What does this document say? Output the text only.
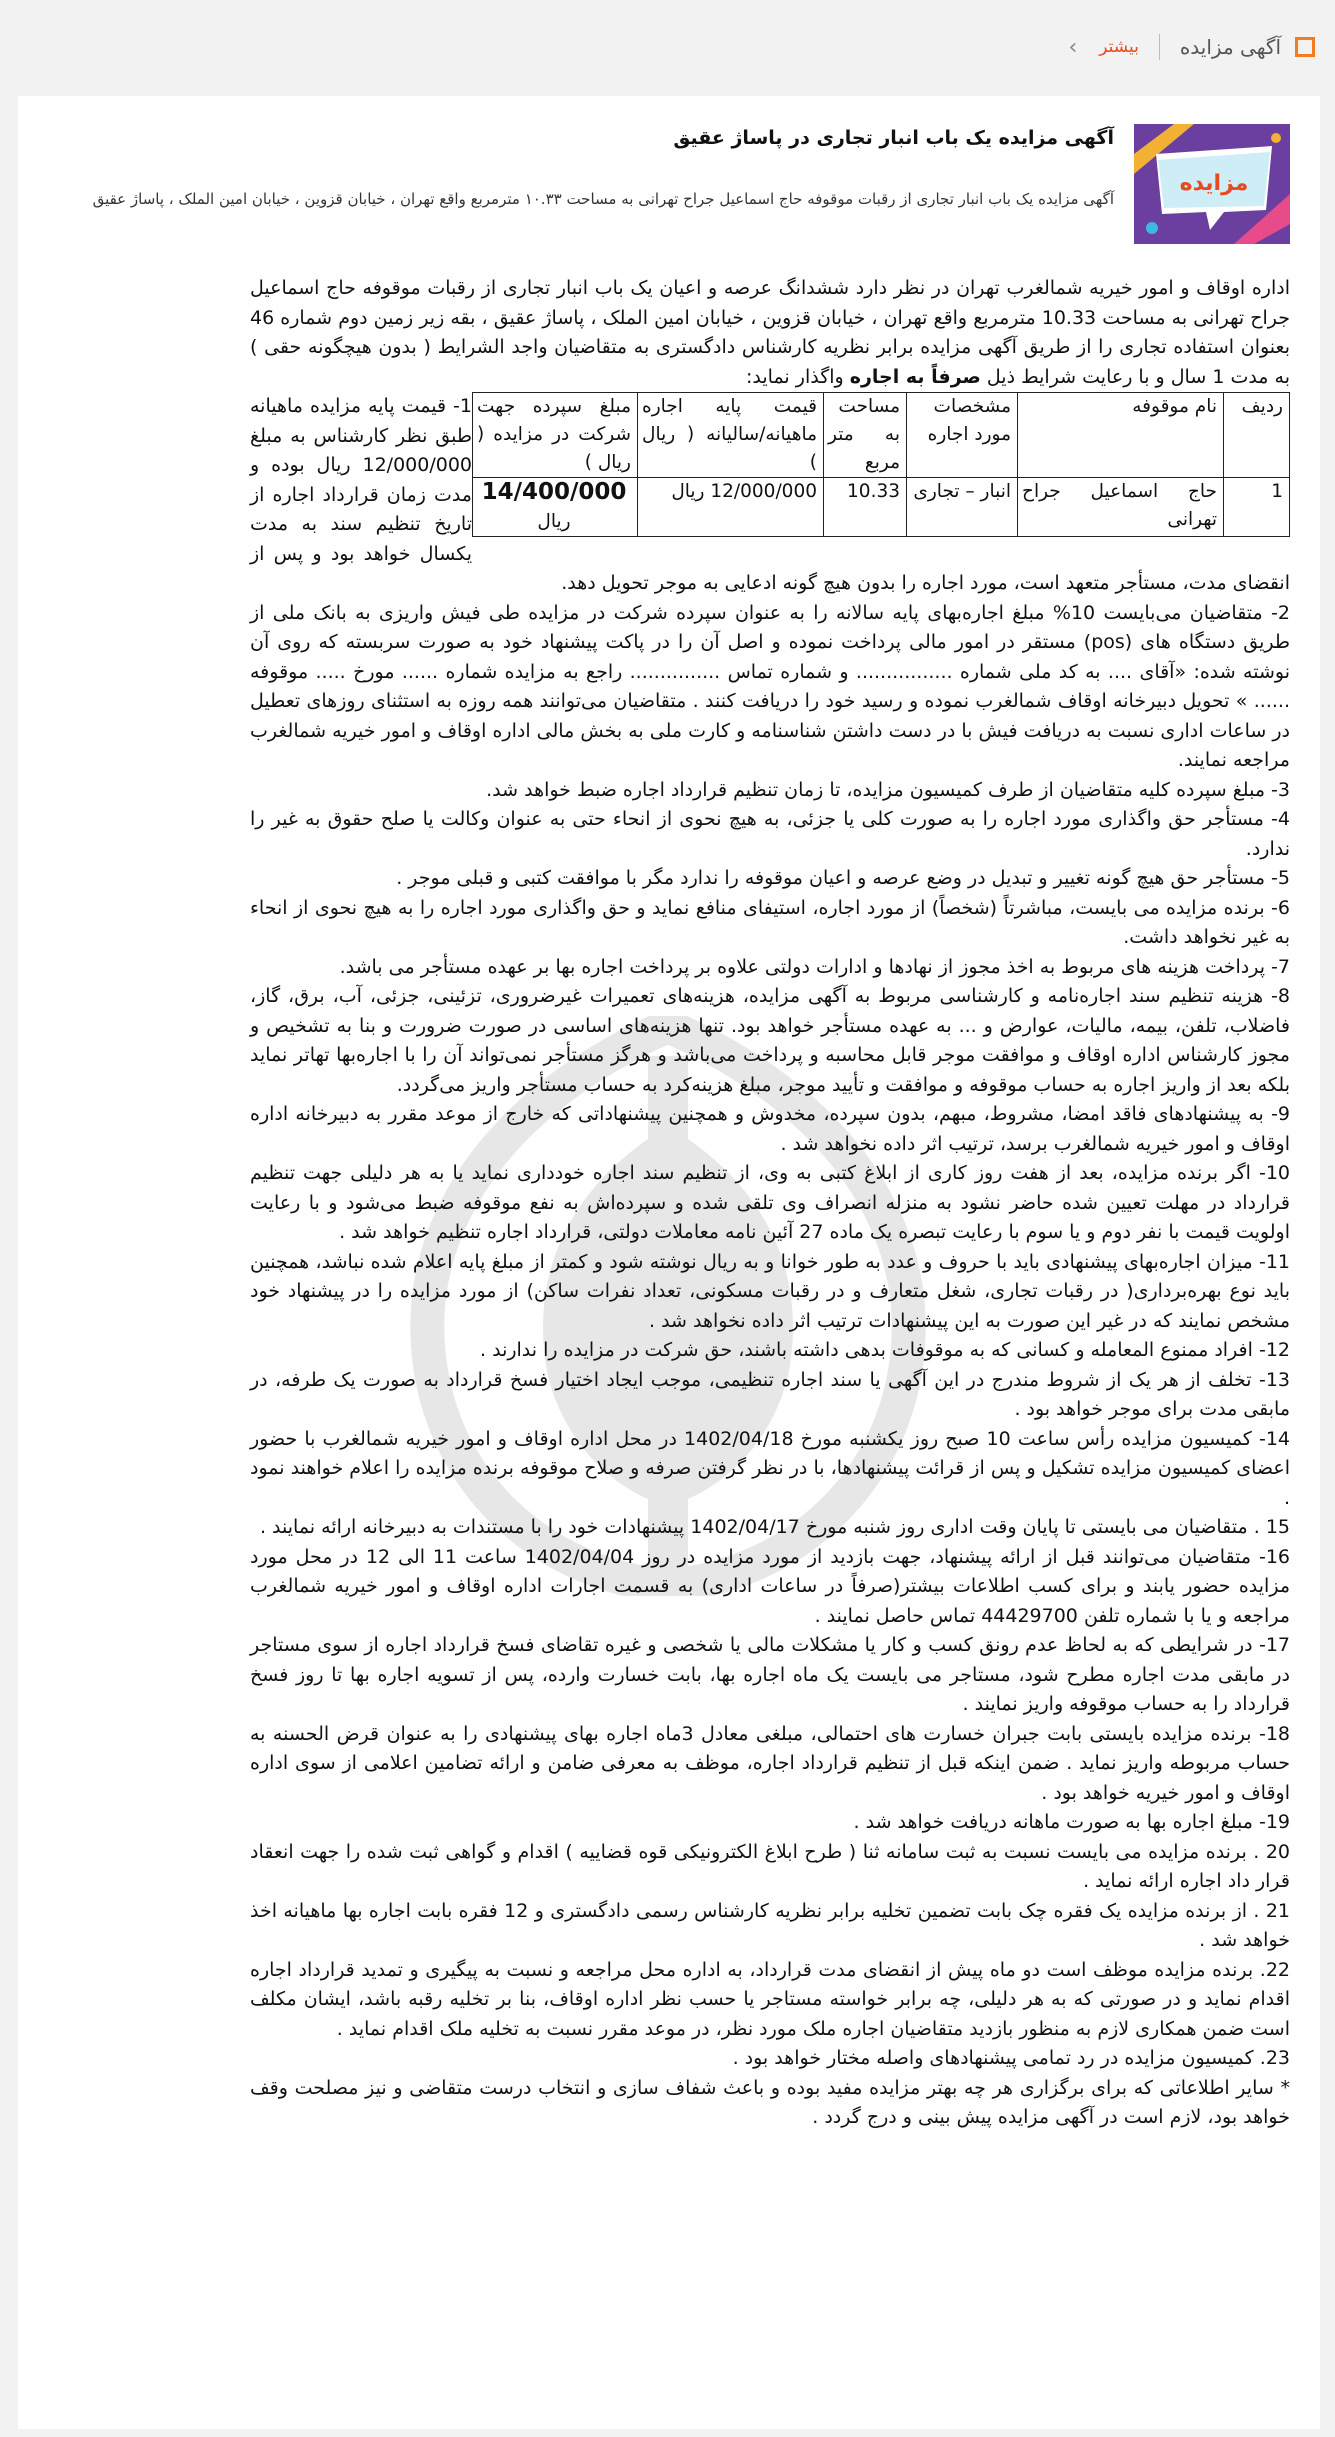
آگهی مزایده
بیشتر
›
مزایده
آگهی مزایده یک باب انبار تجاری در پاساژ عقیق
آگهی مزایده یک باب انبار تجاری از رقبات موقوفه حاج اسماعیل جراح تهرانی به مساحت ۱۰.۳۳ مترمربع واقع تهران ، خیابان قزوین ، خیابان امین الملک ، پاساژ عقیق

اداره اوقاف و امور خیریه شمالغرب تهران در نظر دارد ششدانگ عرصه و اعیان یک باب انبار تجاری از رقبات موقوفه حاج اسماعیل جراح تهرانی به مساحت 10.33 مترمربع واقع تهران ، خیابان قزوین ، خیابان امین الملک ، پاساژ عقیق ، بقه زیر زمین دوم شماره 46 بعنوان استفاده تجاری را از طریق آگهی مزایده برابر نظریه کارشناس دادگستری به متقاضیان واجد الشرایط ( بدون هیچگونه حقی ) به مدت 1 سال و با رعایت شرایط ذیل صرفاً به اجاره واگذار نماید:

ردیف	نام موقوفه	مشخصات مورد اجاره	مساحت به متر مربع	قیمت پایه اجاره ماهیانه/سالیانه ( ریال )	مبلغ سپرده جهت شرکت در مزایده ( ریال )
1	حاج اسماعیل جراح تهرانی	انبار – تجاری	10.33	12/000/000 ریال	14/400/000
ریال

1- قیمت پایه مزایده ماهیانه طبق نظر کارشناس به مبلغ 12/000/000 ریال بوده و مدت زمان قرارداد اجاره از تاریخ تنظیم سند به مدت یکسال خواهد بود و پس از انقضای مدت، مستأجر متعهد است، مورد اجاره را بدون هیچ گونه ادعایی به موجر تحویل دهد.

2- متقاضیان می‌بایست 10% مبلغ اجاره‌بهای پایه سالانه را به عنوان سپرده شرکت در مزایده طی فیش واریزی به بانک ملی از طریق دستگاه های (pos) مستقر در امور مالی پرداخت نموده و اصل آن را در پاکت پیشنهاد خود به صورت سربسته که روی آن نوشته شده: «آقای .... به کد ملی شماره ................ و شماره تماس ............... راجع به مزایده شماره ...... مورخ ..... موقوفه ...... » تحویل دبیرخانه اوقاف شمالغرب نموده و رسید خود را دریافت کنند . متقاضیان می‌توانند همه روزه به استثنای روزهای تعطیل در ساعات اداری نسبت به دریافت فیش با در دست داشتن شناسنامه و کارت ملی به بخش مالی اداره اوقاف و امور خیریه شمالغرب مراجعه نمایند.

3- مبلغ سپرده کلیه متقاضیان از طرف کمیسیون مزایده، تا زمان تنظیم قرارداد اجاره ضبط خواهد شد.

4- مستأجر حق واگذاری مورد اجاره را به صورت کلی یا جزئی، به هیچ نحوی از انحاء حتی به عنوان وکالت یا صلح حقوق به غیر را ندارد.

5- مستأجر حق هیچ گونه تغییر و تبدیل در وضع عرصه و اعیان موقوفه را ندارد مگر با موافقت کتبی و قبلی موجر .

6- برنده مزایده می بایست، مباشرتاً (شخصاً) از مورد اجاره، استیفای منافع نماید و حق واگذاری مورد اجاره را به هیچ نحوی از انحاء به غیر نخواهد داشت.

7- پرداخت هزینه های مربوط به اخذ مجوز از نهادها و ادارات دولتی علاوه بر پرداخت اجاره بها بر عهده مستأجر می باشد.

8- هزینه تنظیم سند اجاره‌نامه و کارشناسی مربوط به آگهی مزایده، هزینه‌های تعمیرات غیرضروری، تزئینی، جزئی، آب، برق، گاز، فاضلاب، تلفن، بیمه، مالیات، عوارض و ... به عهده مستأجر خواهد بود. تنها هزینه‌های اساسی در صورت ضرورت و بنا به تشخیص و مجوز کارشناس اداره اوقاف و موافقت موجر قابل محاسبه و پرداخت می‌باشد و هرگز مستأجر نمی‌تواند آن را با اجاره‌بها تهاتر نماید بلکه بعد از واریز اجاره به حساب موقوفه و موافقت و تأیید موجر، مبلغ هزینه‌کرد به حساب مستأجر واریز می‌گردد.

9- به پیشنهادهای فاقد امضا، مشروط، مبهم، بدون سپرده، مخدوش و همچنین پیشنهاداتی که خارج از موعد مقرر به دبیرخانه اداره اوقاف و امور خیریه شمالغرب برسد، ترتیب اثر داده نخواهد شد .

10- اگر برنده مزایده، بعد از هفت روز کاری از ابلاغ کتبی به وی، از تنظیم سند اجاره خودداری نماید یا به هر دلیلی جهت تنظیم قرارداد در مهلت تعیین شده حاضر نشود به منزله انصراف وی تلقی شده و سپرده‌اش به نفع موقوفه ضبط می‌شود و با رعایت اولویت قیمت با نفر دوم و یا سوم با رعایت تبصره یک ماده 27 آئین نامه معاملات دولتی، قرارداد اجاره تنظیم خواهد شد .

11- میزان اجاره‌بهای پیشنهادی باید با حروف و عدد به طور خوانا و به ریال نوشته شود و کمتر از مبلغ پایه اعلام شده نباشد، همچنین باید نوع بهره‌برداری( در رقبات تجاری، شغل متعارف و در رقبات مسکونی، تعداد نفرات ساکن) از مورد مزایده را در پیشنهاد خود مشخص نمایند که در غیر این صورت به این پیشنهادات ترتیب اثر داده نخواهد شد .

12- افراد ممنوع المعامله و کسانی که به موقوفات بدهی داشته باشند، حق شرکت در مزایده را ندارند .

13- تخلف از هر یک از شروط مندرج در این آگهی یا سند اجاره تنظیمی، موجب ایجاد اختیار فسخ قرارداد به صورت یک طرفه، در مابقی مدت برای موجر خواهد بود .

14- کمیسیون مزایده رأس ساعت 10 صبح روز یکشنبه مورخ 1402/04/18 در محل اداره اوقاف و امور خیریه شمالغرب با حضور اعضای کمیسیون مزایده تشکیل و پس از قرائت پیشنهادها، با در نظر گرفتن صرفه و صلاح موقوفه برنده مزایده را اعلام خواهند نمود .

15 . متقاضیان می بایستی تا پایان وقت اداری روز شنبه مورخ 1402/04/17 پیشنهادات خود را با مستندات به دبیرخانه ارائه نمایند .

16- متقاضیان می‌توانند قبل از ارائه پیشنهاد، جهت بازدید از مورد مزایده در روز 1402/04/04 ساعت 11 الی 12 در محل مورد مزایده حضور یابند و برای کسب اطلاعات بیشتر(صرفاً در ساعات اداری) به قسمت اجارات اداره اوقاف و امور خیریه شمالغرب مراجعه و یا با شماره تلفن 44429700 تماس حاصل نمایند .

17- در شرایطی که به لحاظ عدم رونق کسب و کار یا مشکلات مالی یا شخصی و غیره تقاضای فسخ قرارداد اجاره از سوی مستاجر در مابقی مدت اجاره مطرح شود، مستاجر می بایست یک ماه اجاره بها، بابت خسارت وارده، پس از تسویه اجاره بها تا روز فسخ قرارداد را به حساب موقوفه واریز نمایند .

18- برنده مزایده بایستی بابت جبران خسارت های احتمالی، مبلغی معادل 3ماه اجاره بهای پیشنهادی را به عنوان قرض الحسنه به حساب مربوطه واریز نماید . ضمن اینکه قبل از تنظیم قرارداد اجاره، موظف به معرفی ضامن و ارائه تضامین اعلامی از سوی اداره اوقاف و امور خیریه خواهد بود .

19- مبلغ اجاره بها به صورت ماهانه دریافت خواهد شد .

20 . برنده مزایده می بایست نسبت به ثبت سامانه ثنا ( طرح ابلاغ الکترونیکی قوه قضاییه ) اقدام و گواهی ثبت شده را جهت انعقاد قرار داد اجاره ارائه نماید .

21 . از برنده مزایده یک فقره چک بابت تضمین تخلیه برابر نظریه کارشناس رسمی دادگستری و 12 فقره بابت اجاره بها ماهیانه اخذ خواهد شد .

22. برنده مزایده موظف است دو ماه پیش از انقضای مدت قرارداد، به اداره محل مراجعه و نسبت به پیگیری و تمدید قرارداد اجاره اقدام نماید و در صورتی که به هر دلیلی، چه برابر خواسته مستاجر یا حسب نظر اداره اوقاف، بنا بر تخلیه رقبه باشد، ایشان مکلف است ضمن همکاری لازم به منظور بازدید متقاضیان اجاره ملک مورد نظر، در موعد مقرر نسبت به تخلیه ملک اقدام نماید .

23. کمیسیون مزایده در رد تمامی پیشنهادهای واصله مختار خواهد بود .

* سایر اطلاعاتی که برای برگزاری هر چه بهتر مزایده مفید بوده و باعث شفاف سازی و انتخاب درست متقاضی و نیز مصلحت وقف خواهد بود، لازم است در آگهی مزایده پیش بینی و درج گردد .
